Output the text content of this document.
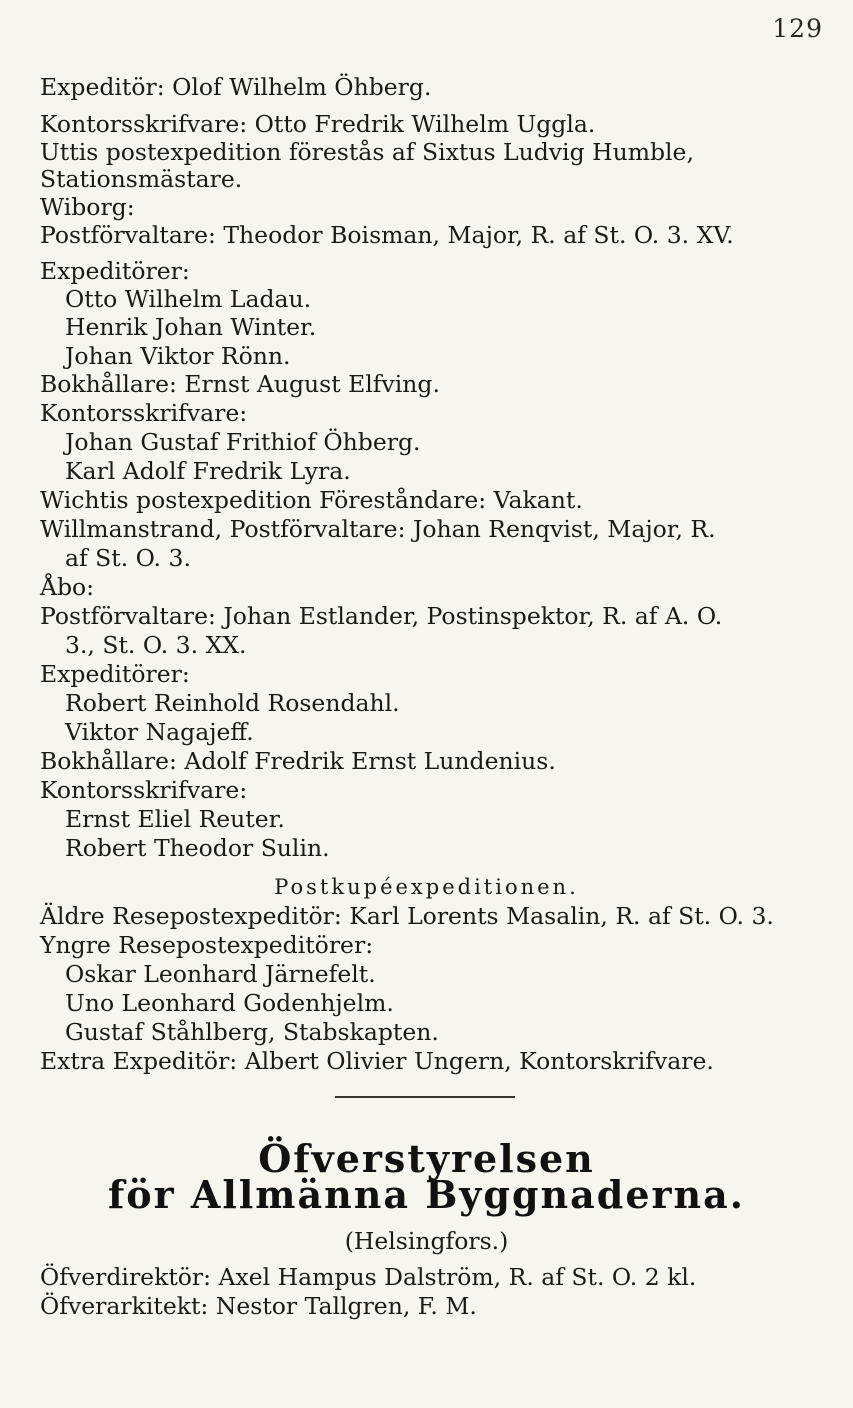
129
Expeditör: Olof Wilhelm Öhberg.
Kontorsskrifvare: Otto Fredrik Wilhelm Uggla.
Uttis postexpedition förestås af Sixtus Ludvig Humble,
Stationsmästare.
Wiborg:
Postförvaltare: Theodor Boisman, Major, R. af St. O. 3. XV.
Expeditörer:
Otto Wilhelm Ladau.
Henrik Johan Winter.
Johan Viktor Rönn.
Bokhållare: Ernst August Elfving.
Kontorsskrifvare:
Johan Gustaf Frithiof Öhberg.
Karl Adolf Fredrik Lyra.
Wichtis postexpedition Föreståndare: Vakant.
Willmanstrand, Postförvaltare: Johan Renqvist, Major, R.
af St. O. 3.
Åbo:
Postförvaltare: Johan Estlander, Postinspektor, R. af A. O.
3., St. O. 3. XX.
Expeditörer:
Robert Reinhold Rosendahl.
Viktor Nagajeff.
Bokhållare: Adolf Fredrik Ernst Lundenius.
Kontorsskrifvare:
Ernst Eliel Reuter.
Robert Theodor Sulin.
Postkupéexpeditionen.
Äldre Resepostexpeditör: Karl Lorents Masalin, R. af St. O. 3.
Yngre Resepostexpeditörer:
Oskar Leonhard Järnefelt.
Uno Leonhard Godenhjelm.
Gustaf Ståhlberg, Stabskapten.
Extra Expeditör: Albert Olivier Ungern, Kontorskrifvare.
Öfverstyrelsen
för Allmänna Byggnaderna.
(Helsingfors.)
Öfverdirektör: Axel Hampus Dalström, R. af St. O. 2 kl.
Öfverarkitekt: Nestor Tallgren, F. M.
